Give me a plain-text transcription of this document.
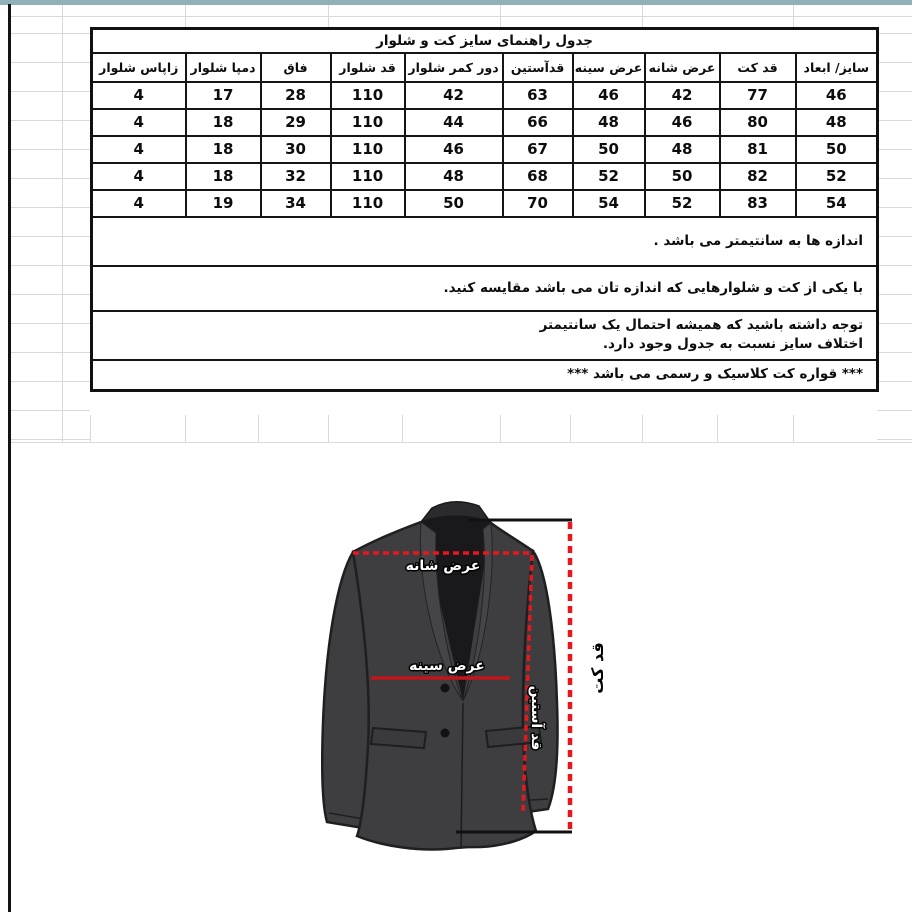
جدول راهنمای سایز کت و شلوار									
سایز/ ابعاد	قد کت	عرض شانه	عرض سینه	قدآستین	دور کمر شلوار	قد شلوار	فاق	دمپا شلوار	زاپاس شلوار
46	77	42	46	63	42	110	28	17	4
48	80	46	48	66	44	110	29	18	4
50	81	48	50	67	46	110	30	18	4
52	82	50	52	68	48	110	32	18	4
54	83	52	54	70	50	110	34	19	4
اندازه ها به سانتیمتر می باشد .									
با یکی از کت و شلوارهایی که اندازه تان می باشد مقایسه کنید.									
توجه داشته باشید که همیشه احتمال یک سانتیمتر اختلاف سایز نسبت به جدول وجود دارد.									
*** قواره کت کلاسیک و رسمی می باشد ***									
عرض شانه
عرض سینه
قد آستین
قد کت
